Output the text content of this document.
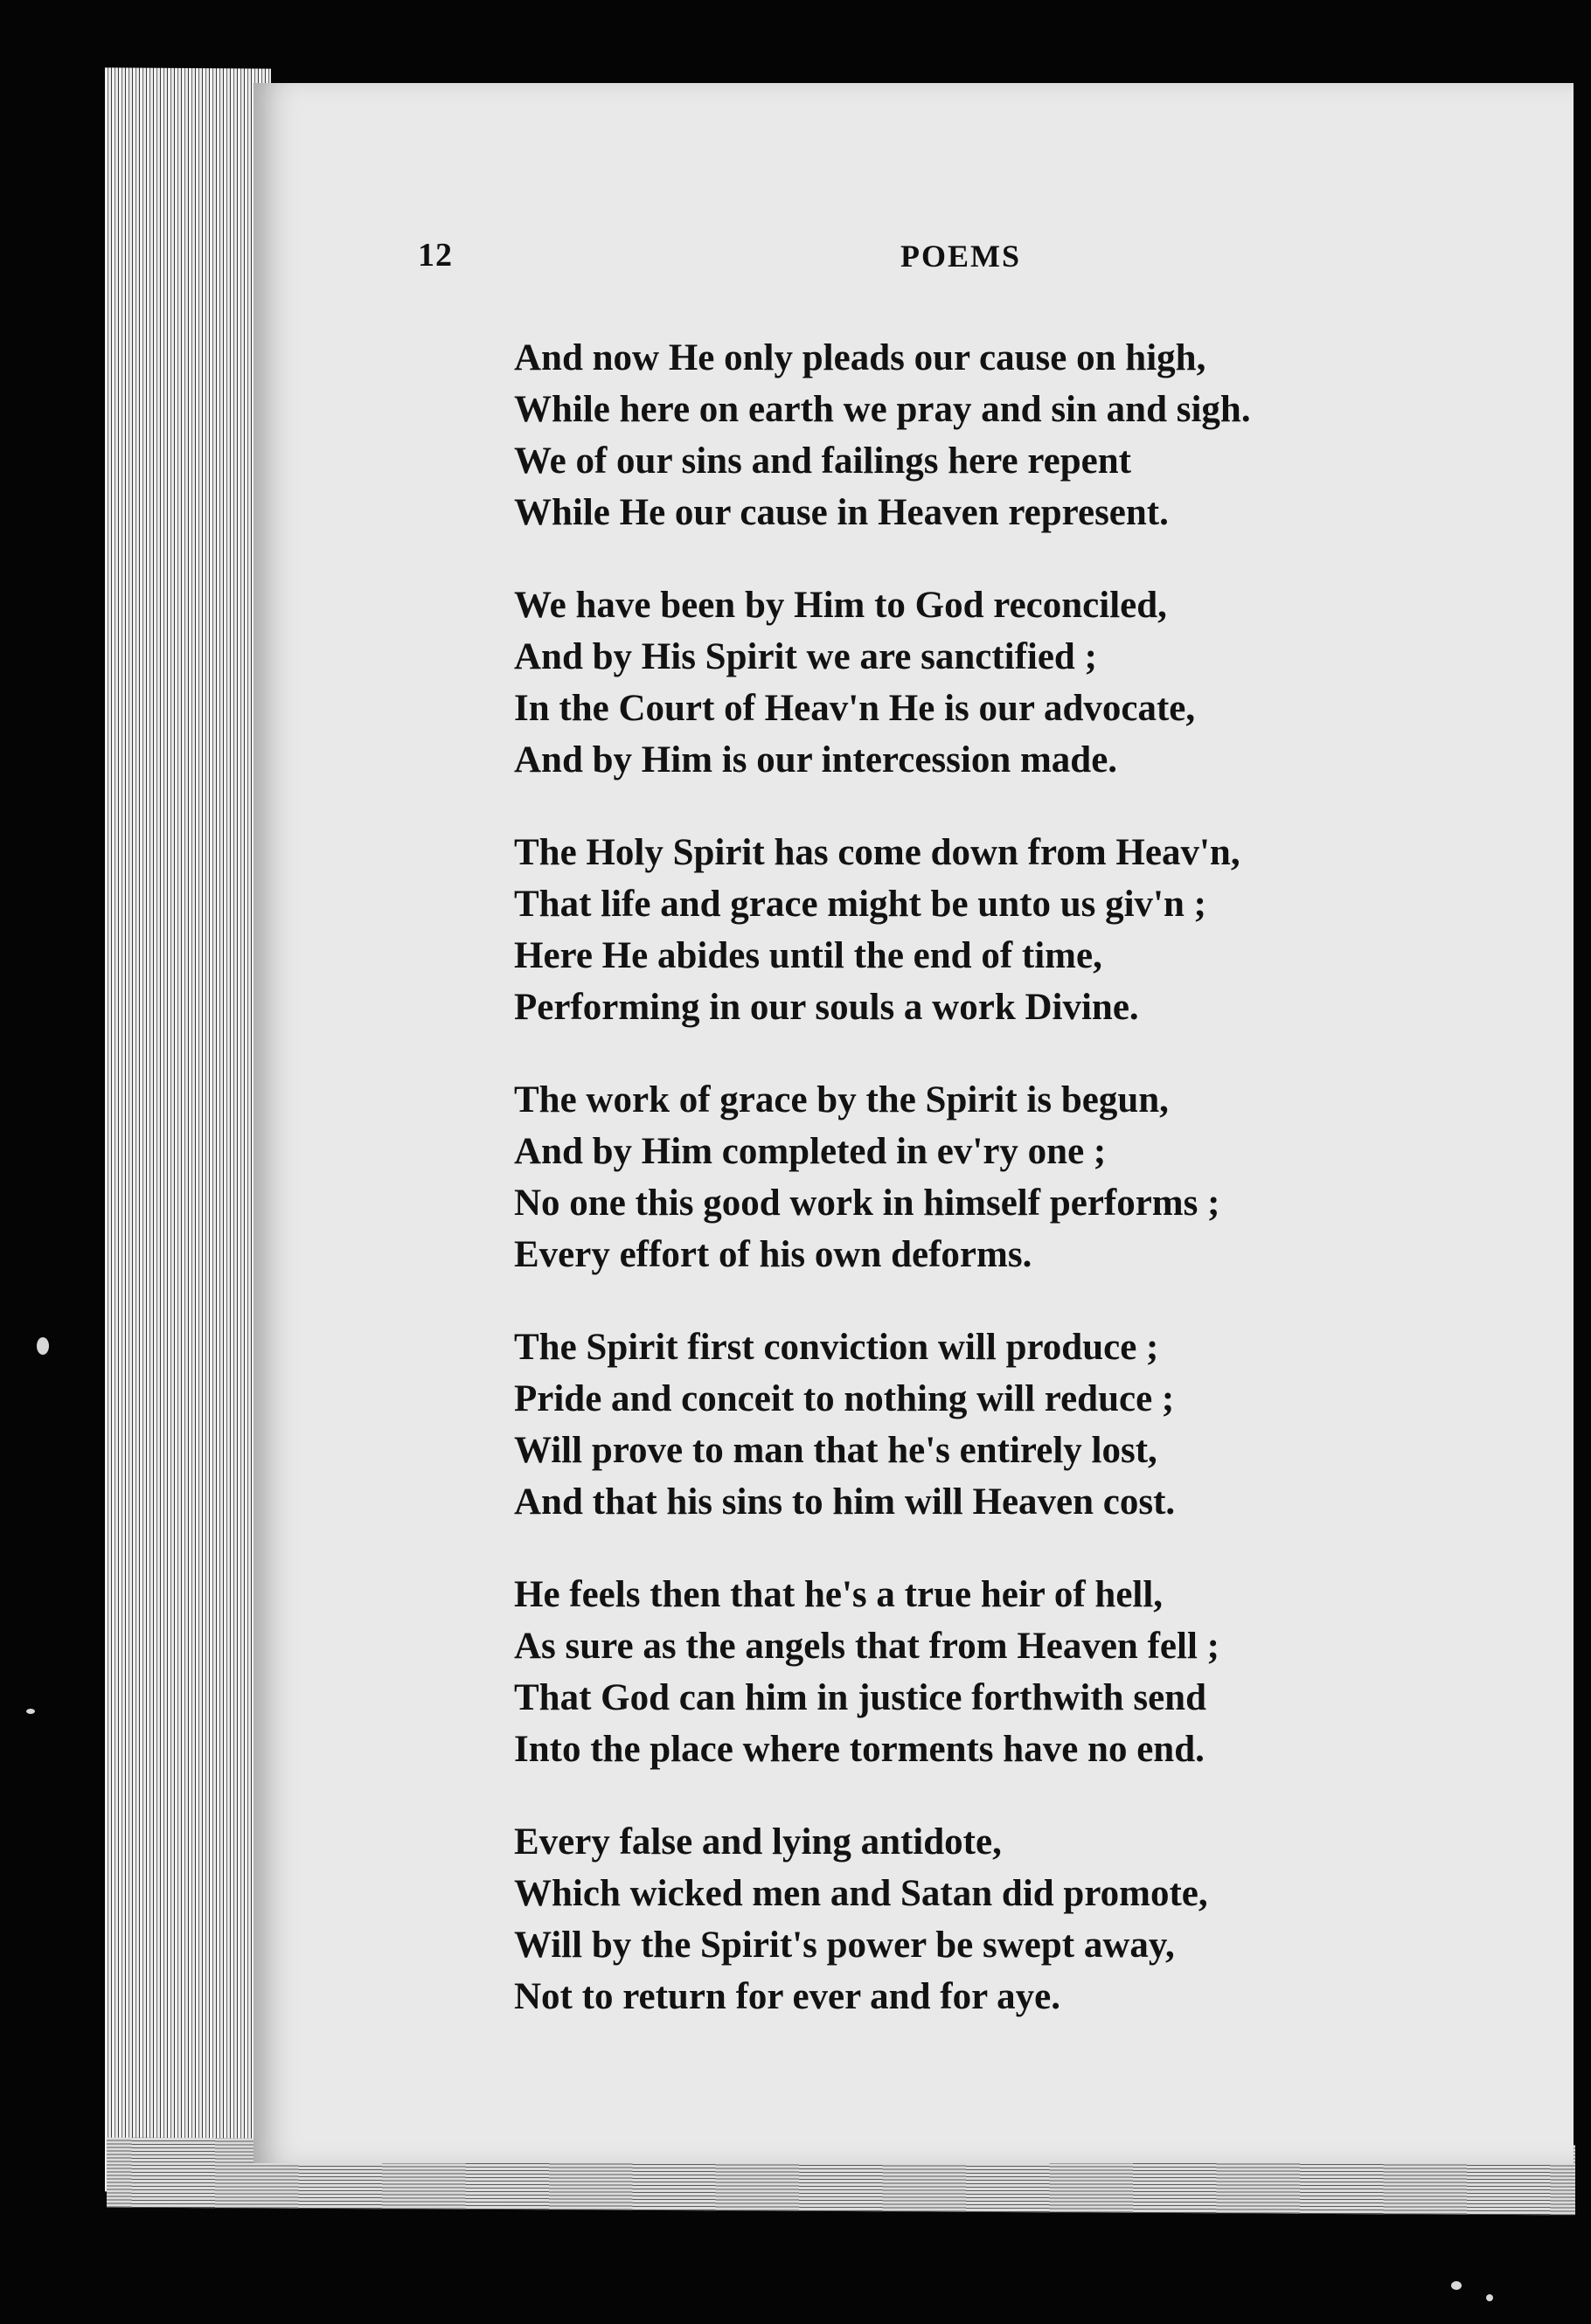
12	POEMS
And now He only pleads our cause on high,
While here on earth we pray and sin and sigh.
We of our sins and failings here repent
While He our cause in Heaven represent.
We have been by Him to God reconciled,
And by His Spirit we are sanctified ;
In the Court of Heav'n He is our advocate,
And by Him is our intercession made.
The Holy Spirit has come down from Heav'n,
That life and grace might be unto us giv'n ;
Here He abides until the end of time,
Performing in our souls a work Divine.
The work of grace by the Spirit is begun,
And by Him completed in ev'ry one ;
No one this good work in himself performs ;
Every effort of his own deforms.
The Spirit first conviction will produce ;
Pride and conceit to nothing will reduce ;
Will prove to man that he's entirely lost,
And that his sins to him will Heaven cost.
He feels then that he's a true heir of hell,
As sure as the angels that from Heaven fell ;
That God can him in justice forthwith send
Into the place where torments have no end.
Every false and lying antidote,
Which wicked men and Satan did promote,
Will by the Spirit's power be swept away,
Not to return for ever and for aye.
